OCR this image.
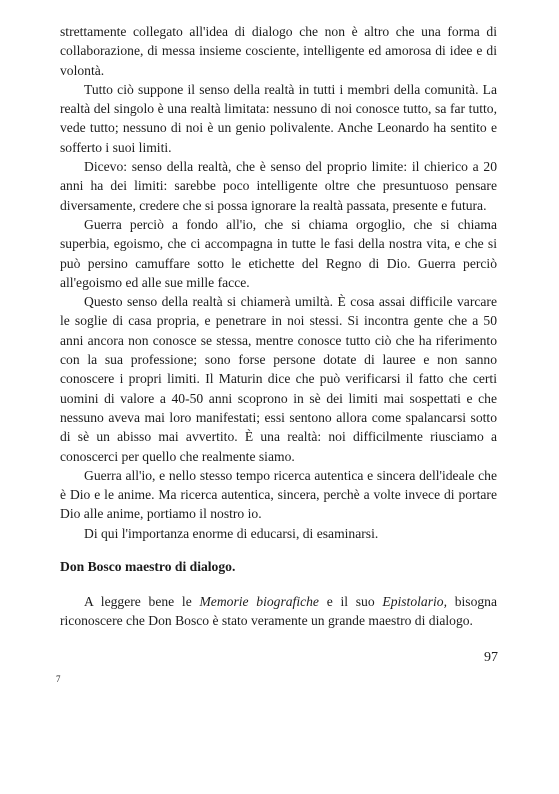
strettamente collegato all'idea di dialogo che non è altro che una forma di collaborazione, di messa insieme cosciente, intelligente ed amorosa di idee e di volontà.

Tutto ciò suppone il senso della realtà in tutti i membri della comunità. La realtà del singolo è una realtà limitata: nessuno di noi conosce tutto, sa far tutto, vede tutto; nessuno di noi è un genio polivalente. Anche Leonardo ha sentito e sofferto i suoi limiti.

Dicevo: senso della realtà, che è senso del proprio limite: il chierico a 20 anni ha dei limiti: sarebbe poco intelligente oltre che presuntuoso pensare diversamente, credere che si possa ignorare la realtà passata, presente e futura.

Guerra perciò a fondo all'io, che si chiama orgoglio, che si chiama superbia, egoismo, che ci accompagna in tutte le fasi della nostra vita, e che si può persino camuffare sotto le etichette del Regno di Dio. Guerra perciò all'egoismo ed alle sue mille facce.

Questo senso della realtà si chiamerà umiltà. È cosa assai difficile varcare le soglie di casa propria, e penetrare in noi stessi. Si incontra gente che a 50 anni ancora non conosce se stessa, mentre conosce tutto ciò che ha riferimento con la sua professione; sono forse persone dotate di lauree e non sanno conoscere i propri limiti. Il Maturin dice che può verificarsi il fatto che certi uomini di valore a 40-50 anni scoprono in sè dei limiti mai sospettati e che nessuno aveva mai loro manifestati; essi sentono allora come spalancarsi sotto di sè un abisso mai avvertito. È una realtà: noi difficilmente riusciamo a conoscerci per quello che realmente siamo.

Guerra all'io, e nello stesso tempo ricerca autentica e sincera dell'ideale che è Dio e le anime. Ma ricerca autentica, sincera, perchè a volte invece di portare Dio alle anime, portiamo il nostro io.

Di qui l'importanza enorme di educarsi, di esaminarsi.

Don Bosco maestro di dialogo.

A leggere bene le Memorie biografiche e il suo Epistolario, bisogna riconoscere che Don Bosco è stato veramente un grande maestro di dialogo.

97
7
